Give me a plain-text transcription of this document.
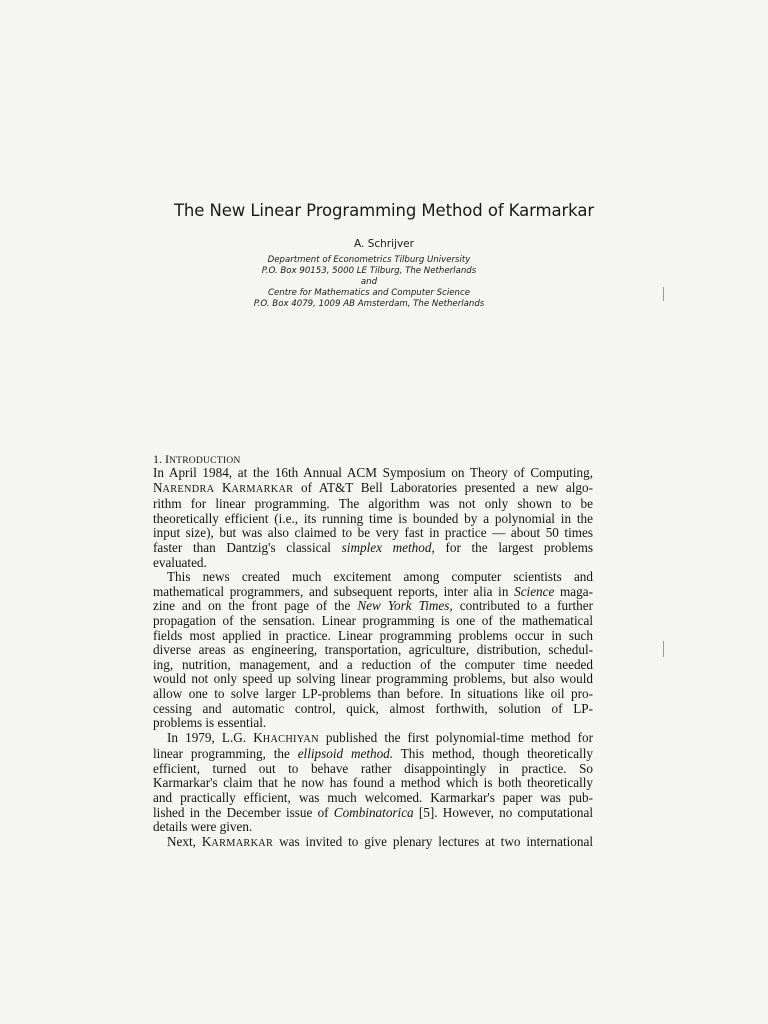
The New Linear Programming Method of Karmarkar
A. Schrijver
Department of Econometrics Tilburg University
P.O. Box 90153, 5000 LE Tilburg, The Netherlands
and
Centre for Mathematics and Computer Science
P.O. Box 4079, 1009 AB Amsterdam, The Netherlands
1. INTRODUCTION
In April 1984, at the 16th Annual ACM Symposium on Theory of Computing,
NARENDRA KARMARKAR of AT&T Bell Laboratories presented a new algo-
rithm for linear programming. The algorithm was not only shown to be
theoretically efficient (i.e., its running time is bounded by a polynomial in the
input size), but was also claimed to be very fast in practice — about 50 times
faster than Dantzig's classical simplex method, for the largest problems
evaluated.
This news created much excitement among computer scientists and
mathematical programmers, and subsequent reports, inter alia in Science maga-
zine and on the front page of the New York Times, contributed to a further
propagation of the sensation. Linear programming is one of the mathematical
fields most applied in practice. Linear programming problems occur in such
diverse areas as engineering, transportation, agriculture, distribution, schedul-
ing, nutrition, management, and a reduction of the computer time needed
would not only speed up solving linear programming problems, but also would
allow one to solve larger LP-problems than before. In situations like oil pro-
cessing and automatic control, quick, almost forthwith, solution of LP-
problems is essential.
In 1979, L.G. KHACHIYAN published the first polynomial-time method for
linear programming, the ellipsoid method. This method, though theoretically
efficient, turned out to behave rather disappointingly in practice. So
Karmarkar's claim that he now has found a method which is both theoretically
and practically efficient, was much welcomed. Karmarkar's paper was pub-
lished in the December issue of Combinatorica [5]. However, no computational
details were given.
Next, KARMARKAR was invited to give plenary lectures at two international
